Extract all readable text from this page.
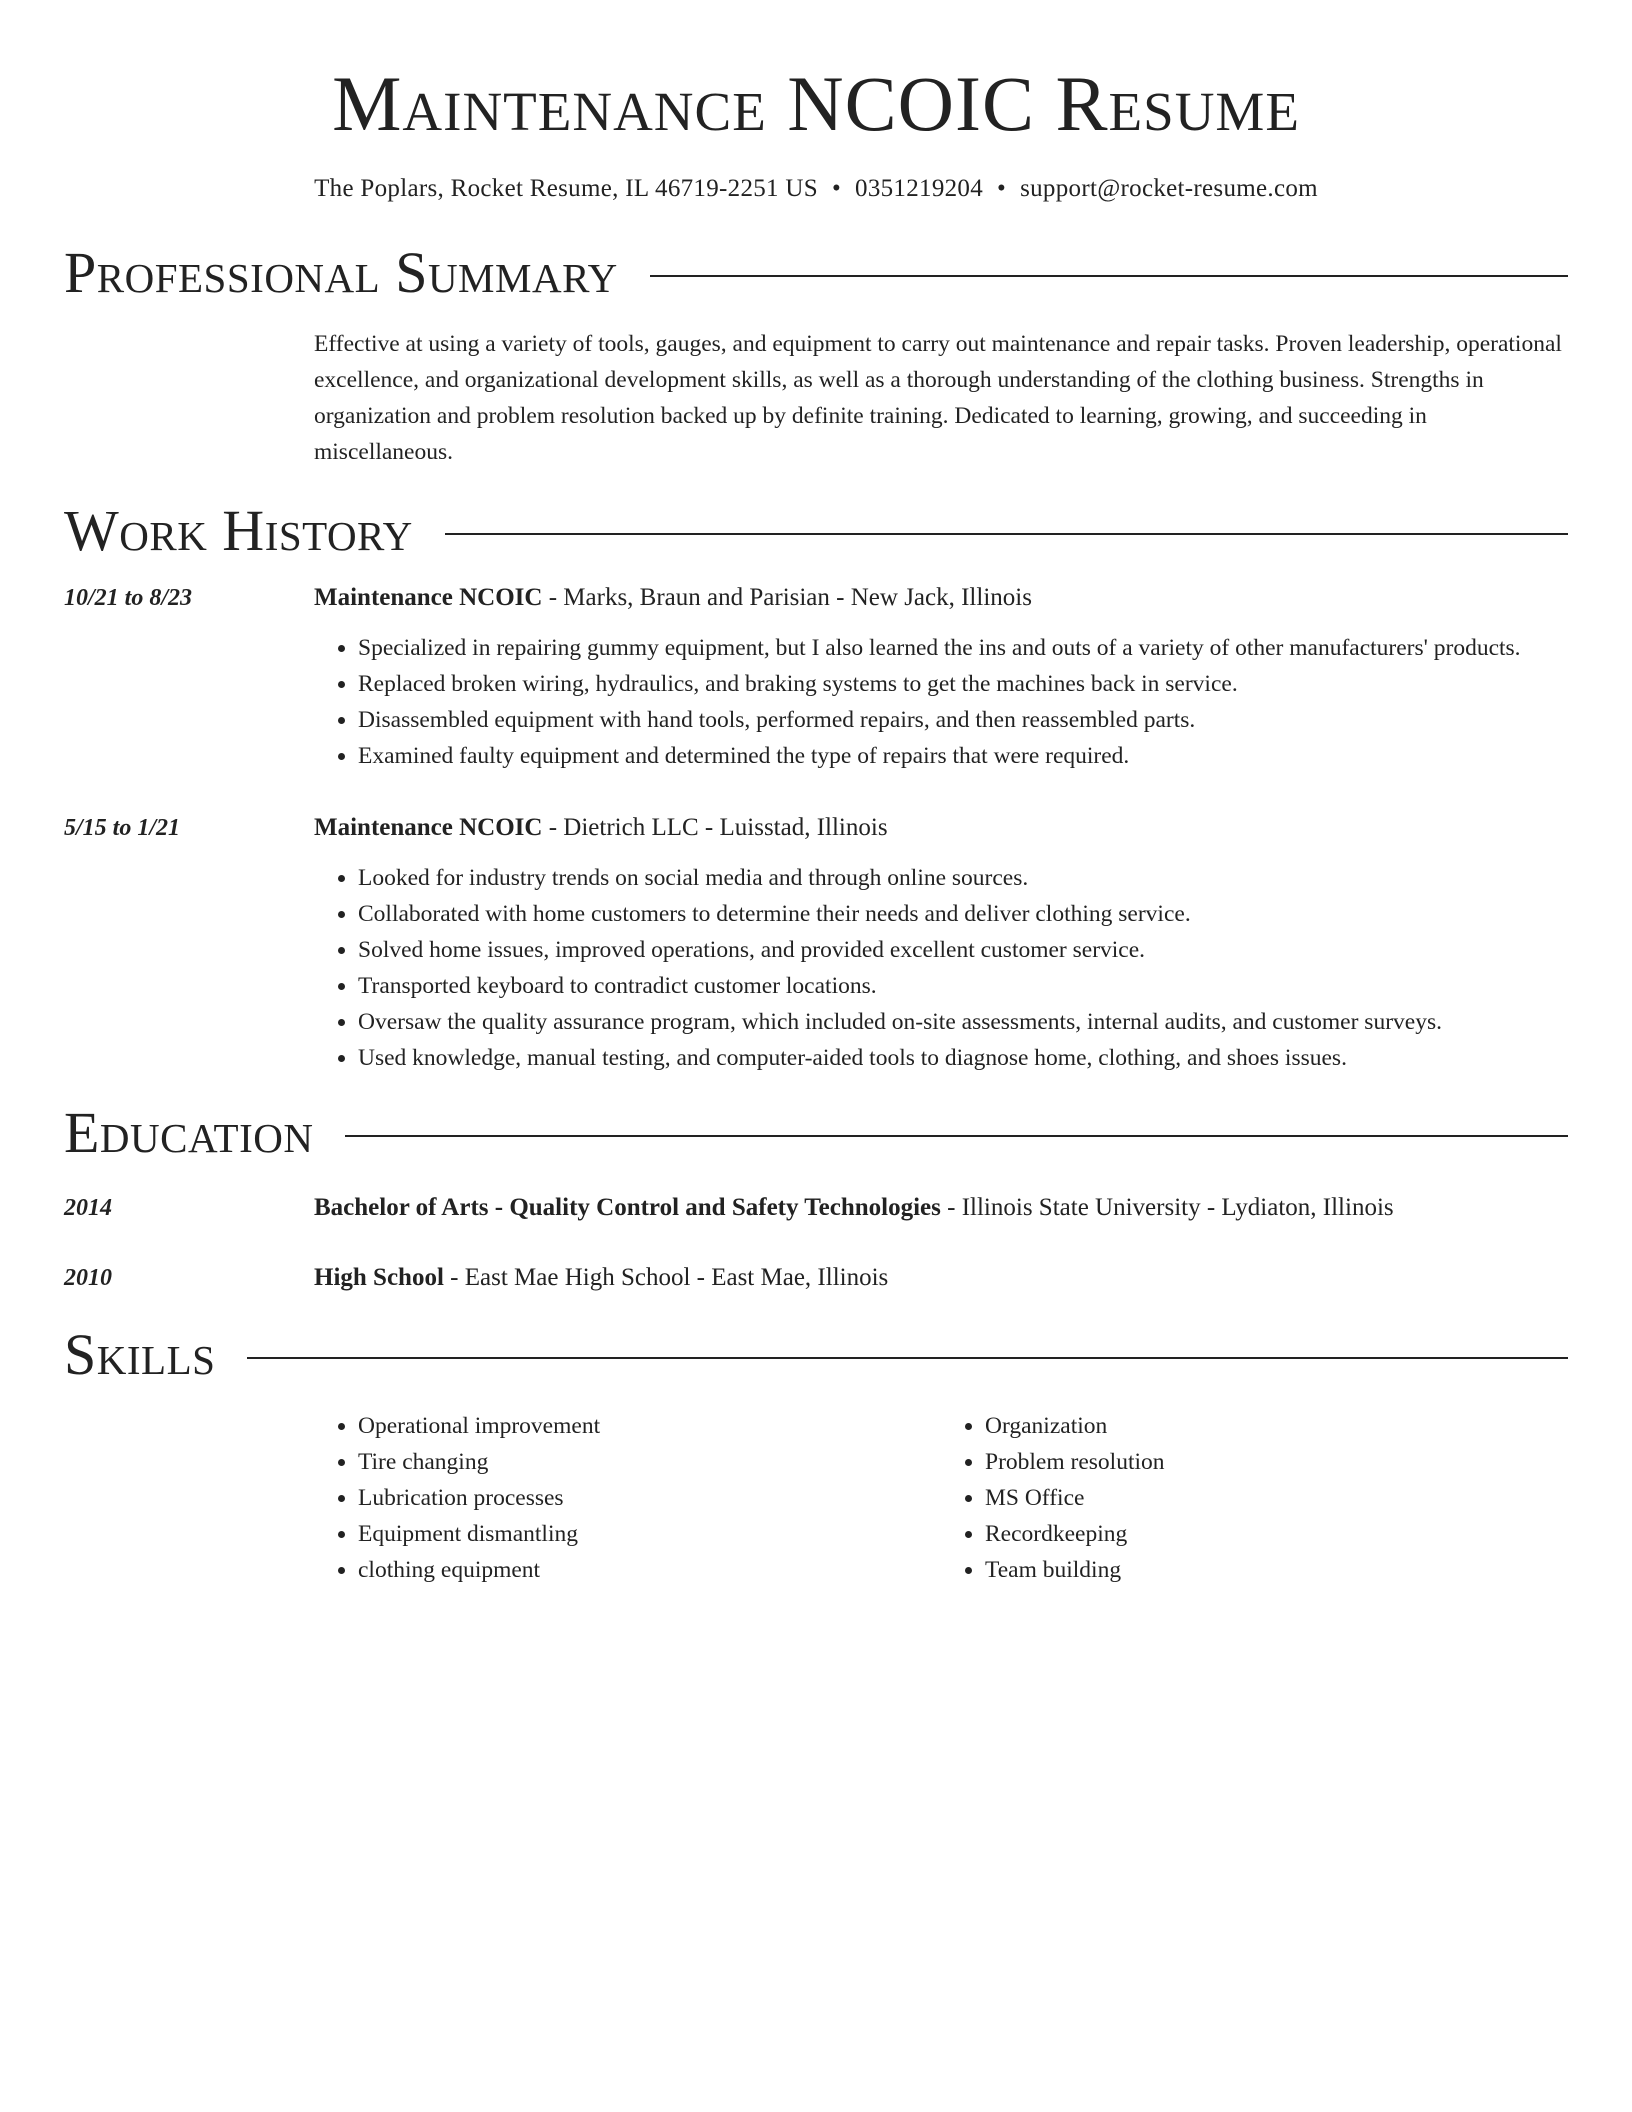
Maintenance NCOIC Resume
The Poplars, Rocket Resume, IL 46719-2251 US • 0351219204 • support@rocket-resume.com
Professional Summary

Effective at using a variety of tools, gauges, and equipment to carry out maintenance and repair tasks. Proven leadership, operational excellence, and organizational development skills, as well as a thorough understanding of the clothing business. Strengths in organization and problem resolution backed up by definite training. Dedicated to learning, growing, and succeeding in miscellaneous.

Work History
10/21 to 8/23	Maintenance NCOIC - Marks, Braun and Parisian - New Jack, Illinois
• Specialized in repairing gummy equipment, but I also learned the ins and outs of a variety of other manufacturers' products.
• Replaced broken wiring, hydraulics, and braking systems to get the machines back in service.
• Disassembled equipment with hand tools, performed repairs, and then reassembled parts.
• Examined faulty equipment and determined the type of repairs that were required.
5/15 to 1/21	Maintenance NCOIC - Dietrich LLC - Luisstad, Illinois
• Looked for industry trends on social media and through online sources.
• Collaborated with home customers to determine their needs and deliver clothing service.
• Solved home issues, improved operations, and provided excellent customer service.
• Transported keyboard to contradict customer locations.
• Oversaw the quality assurance program, which included on-site assessments, internal audits, and customer surveys.
• Used knowledge, manual testing, and computer-aided tools to diagnose home, clothing, and shoes issues.
Education
2014	Bachelor of Arts - Quality Control and Safety Technologies - Illinois State University - Lydiaton, Illinois
2010	High School - East Mae High School - East Mae, Illinois
Skills
• Operational improvement
• Tire changing
• Lubrication processes
• Equipment dismantling
• clothing equipment
• Organization
• Problem resolution
• MS Office
• Recordkeeping
• Team building
